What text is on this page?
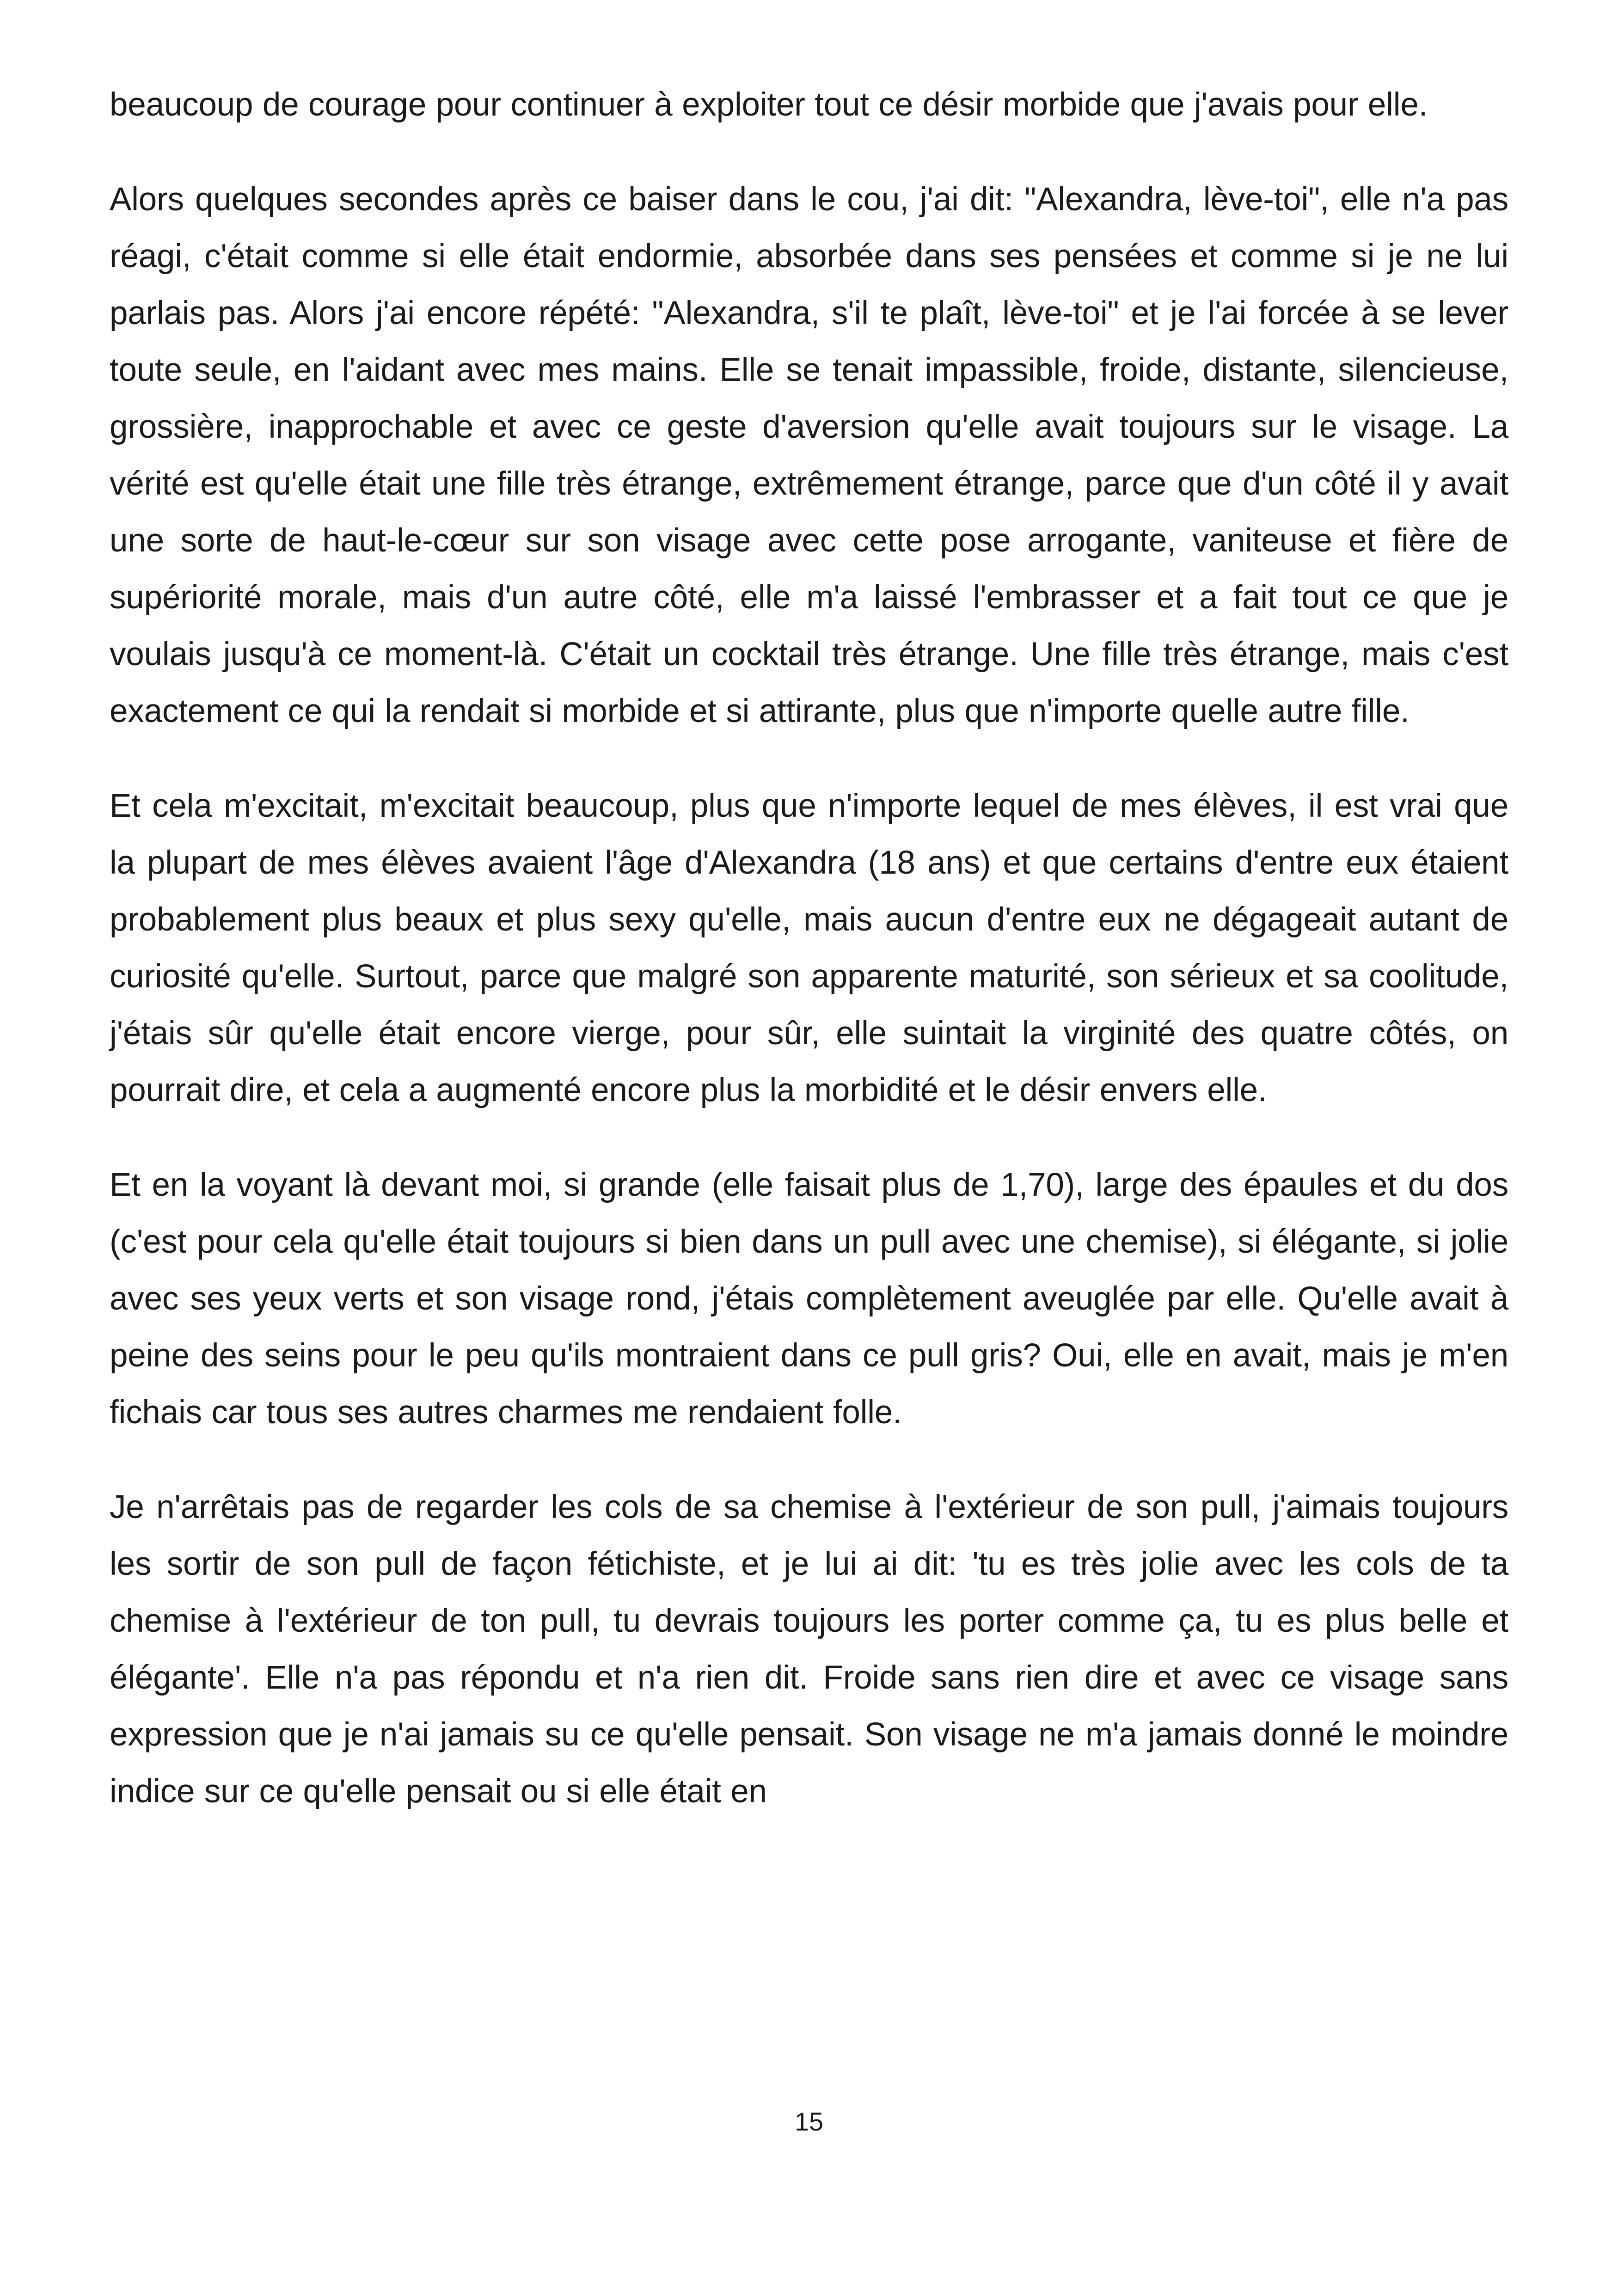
beaucoup de courage pour continuer à exploiter tout ce désir morbide que j'avais pour elle.

Alors quelques secondes après ce baiser dans le cou, j'ai dit: "Alexandra, lève-toi", elle n'a pas réagi, c'était comme si elle était endormie, absorbée dans ses pensées et comme si je ne lui parlais pas. Alors j'ai encore répété: "Alexandra, s'il te plaît, lève-toi" et je l'ai forcée à se lever toute seule, en l'aidant avec mes mains. Elle se tenait impassible, froide, distante, silencieuse, grossière, inapprochable et avec ce geste d'aversion qu'elle avait toujours sur le visage. La vérité est qu'elle était une fille très étrange, extrêmement étrange, parce que d'un côté il y avait une sorte de haut-le-cœur sur son visage avec cette pose arrogante, vaniteuse et fière de supériorité morale, mais d'un autre côté, elle m'a laissé l'embrasser et a fait tout ce que je voulais jusqu'à ce moment-là. C'était un cocktail très étrange. Une fille très étrange, mais c'est exactement ce qui la rendait si morbide et si attirante, plus que n'importe quelle autre fille.

Et cela m'excitait, m'excitait beaucoup, plus que n'importe lequel de mes élèves, il est vrai que la plupart de mes élèves avaient l'âge d'Alexandra (18 ans) et que certains d'entre eux étaient probablement plus beaux et plus sexy qu'elle, mais aucun d'entre eux ne dégageait autant de curiosité qu'elle. Surtout, parce que malgré son apparente maturité, son sérieux et sa coolitude, j'étais sûr qu'elle était encore vierge, pour sûr, elle suintait la virginité des quatre côtés, on pourrait dire, et cela a augmenté encore plus la morbidité et le désir envers elle.

Et en la voyant là devant moi, si grande (elle faisait plus de 1,70), large des épaules et du dos (c'est pour cela qu'elle était toujours si bien dans un pull avec une chemise), si élégante, si jolie avec ses yeux verts et son visage rond, j'étais complètement aveuglée par elle. Qu'elle avait à peine des seins pour le peu qu'ils montraient dans ce pull gris? Oui, elle en avait, mais je m'en fichais car tous ses autres charmes me rendaient folle.

Je n'arrêtais pas de regarder les cols de sa chemise à l'extérieur de son pull, j'aimais toujours les sortir de son pull de façon fétichiste, et je lui ai dit: 'tu es très jolie avec les cols de ta chemise à l'extérieur de ton pull, tu devrais toujours les porter comme ça, tu es plus belle et élégante'. Elle n'a pas répondu et n'a rien dit. Froide sans rien dire et avec ce visage sans expression que je n'ai jamais su ce qu'elle pensait. Son visage ne m'a jamais donné le moindre indice sur ce qu'elle pensait ou si elle était en

15
